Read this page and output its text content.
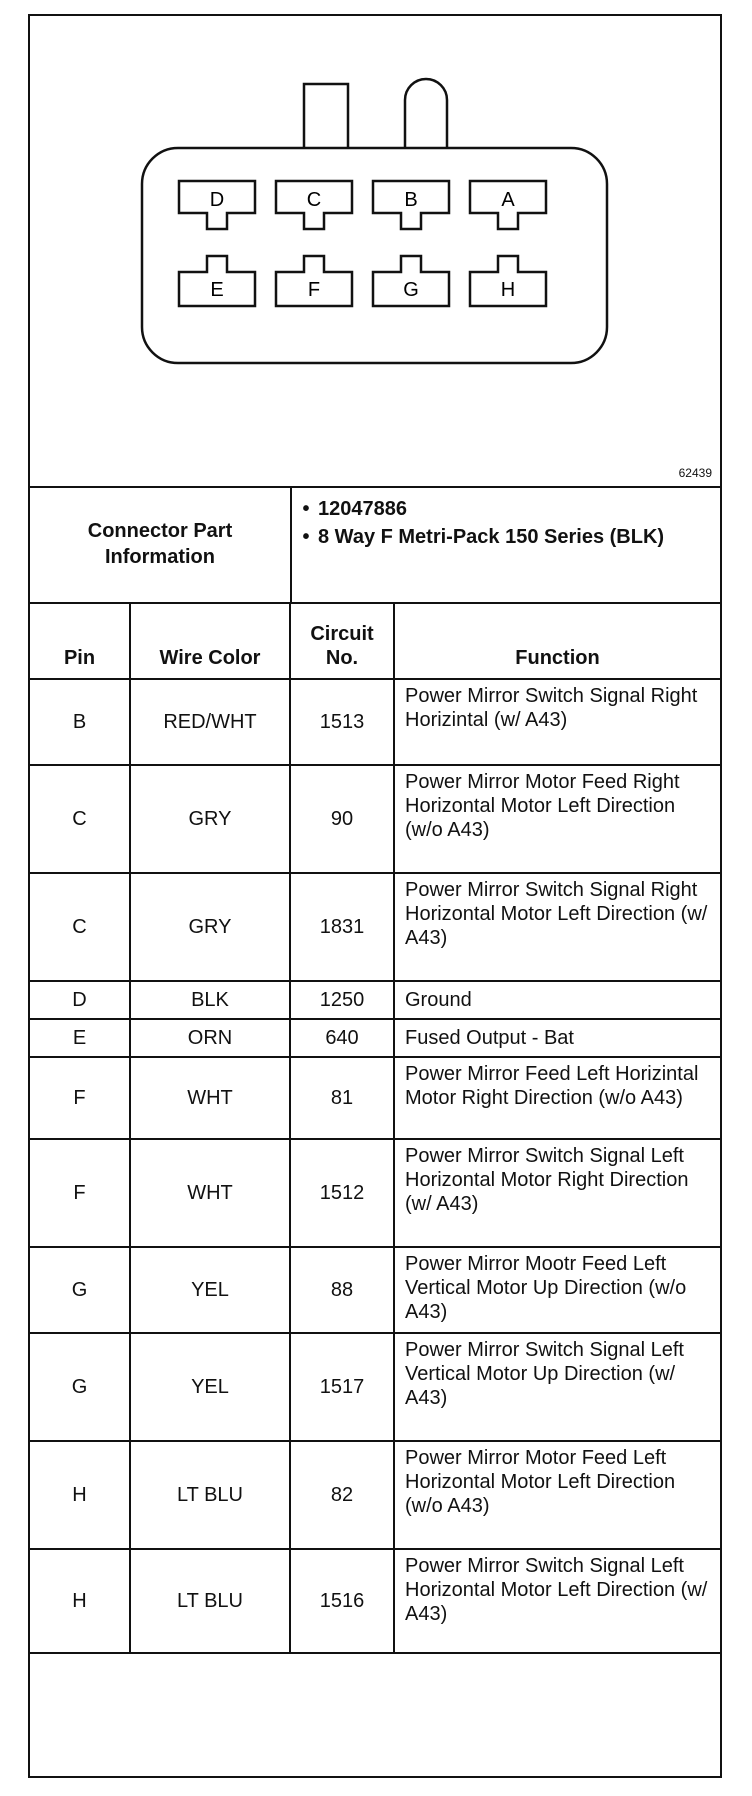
D	C	B	A
E	F	G	H
62439
Connector Part Information
• 12047886
• 8 Way F Metri-Pack 150 Series (BLK)
Pin	Wire Color	Circuit No.	Function
B	RED/WHT	1513	Power Mirror Switch Signal Right Horizintal (w/ A43)
C	GRY	90	Power Mirror Motor Feed Right Horizontal Motor Left Direction (w/o A43)
C	GRY	1831	Power Mirror Switch Signal Right Horizontal Motor Left Direction (w/ A43)
D	BLK	1250	Ground
E	ORN	640	Fused Output - Bat
F	WHT	81	Power Mirror Feed Left Horizintal Motor Right Direction (w/o A43)
F	WHT	1512	Power Mirror Switch Signal Left Horizontal Motor Right Direction (w/ A43)
G	YEL	88	Power Mirror Mootr Feed Left Vertical Motor Up Direction (w/o A43)
G	YEL	1517	Power Mirror Switch Signal Left Vertical Motor Up Direction (w/ A43)
H	LT BLU	82	Power Mirror Motor Feed Left Horizontal Motor Left Direction (w/o A43)
H	LT BLU	1516	Power Mirror Switch Signal Left Horizontal Motor Left Direction (w/ A43)
